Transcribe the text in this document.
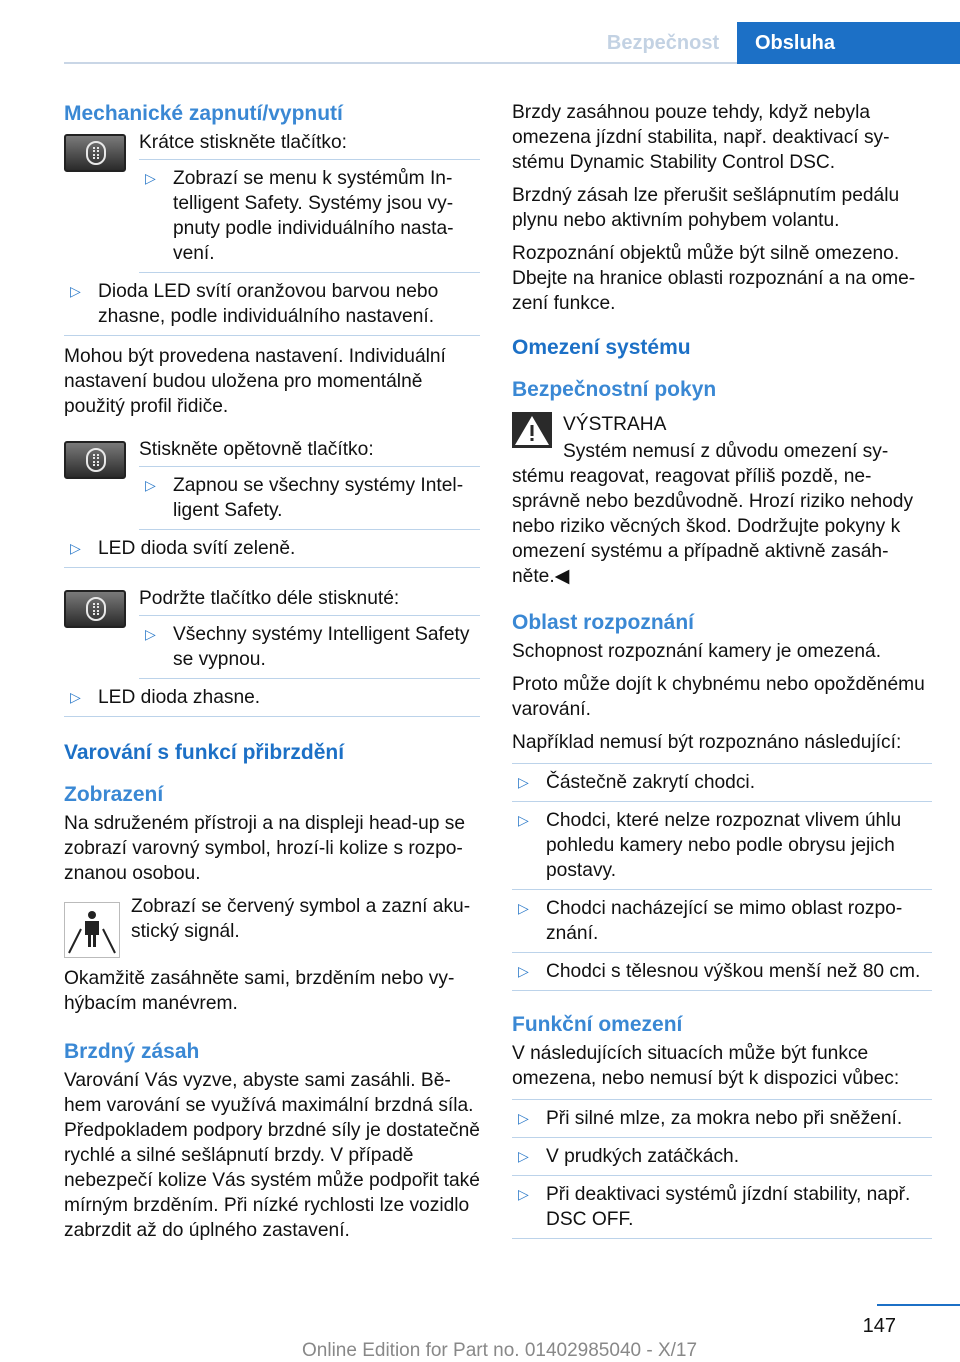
Bezpečnost	Obsluha
Mechanické zapnutí/vypnutí

Krátce stiskněte tlačítko:

▷ Zobrazí se menu k systémům Intelligent Safety. Systémy jsou vypnuty podle individuálního nastavení.
▷ Dioda LED svítí oranžovou barvou nebo zhasne, podle individuálního nastavení.

Mohou být provedena nastavení. Individuální nastavení budou uložena pro momentálně použitý profil řidiče.

Stiskněte opětovně tlačítko:

▷ Zapnou se všechny systémy Intelligent Safety.
▷ LED dioda svítí zeleně.

Podržte tlačítko déle stisknuté:

▷ Všechny systémy Intelligent Safety se vypnou.
▷ LED dioda zhasne.
Varování s funkcí přibrzdění
Zobrazení

Na sdruženém přístroji a na displeji head-up se zobrazí varovný symbol, hrozí-li kolize s rozpoznanou osobou.

Zobrazí se červený symbol a zazní akustický signál.

Okamžitě zasáhněte sami, brzděním nebo vyhýbacím manévrem.

Brzdný zásah

Varování Vás vyzve, abyste sami zasáhli. Během varování se využívá maximální brzdná síla. Předpokladem podpory brzdné síly je dostatečně rychlé a silné sešlápnutí brzdy. V případě nebezpečí kolize Vás systém může podpořit také mírným brzděním. Při nízké rychlosti lze vozidlo zabrzdit až do úplného zastavení.

Brzdy zasáhnou pouze tehdy, když nebyla omezena jízdní stabilita, např. deaktivací systému Dynamic Stability Control DSC.

Brzdný zásah lze přerušit sešlápnutím pedálu plynu nebo aktivním pohybem volantu.

Rozpoznání objektů může být silně omezeno. Dbejte na hranice oblasti rozpoznání a na omezení funkce.

Omezení systému
Bezpečnostní pokyn

VÝSTRAHA

Systém nemusí z důvodu omezení systému reagovat, reagovat příliš pozdě, nesprávně nebo bezdůvodně. Hrozí riziko nehody nebo riziko věcných škod. Dodržujte pokyny k omezení systému a případně aktivně zasáhněte.◀

Oblast rozpoznání

Schopnost rozpoznání kamery je omezená.

Proto může dojít k chybnému nebo opožděnému varování.

Například nemusí být rozpoznáno následující:

▷ Částečně zakrytí chodci.
▷ Chodci, které nelze rozpoznat vlivem úhlu pohledu kamery nebo podle obrysu jejich postavy.
▷ Chodci nacházející se mimo oblast rozpoznání.
▷ Chodci s tělesnou výškou menší než 80 cm.
Funkční omezení

V následujících situacích může být funkce omezena, nebo nemusí být k dispozici vůbec:

▷ Při silné mlze, za mokra nebo při sněžení.
▷ V prudkých zatáčkách.
▷ Při deaktivaci systémů jízdní stability, např. DSC OFF.
147
Online Edition for Part no. 01402985040 - X/17
